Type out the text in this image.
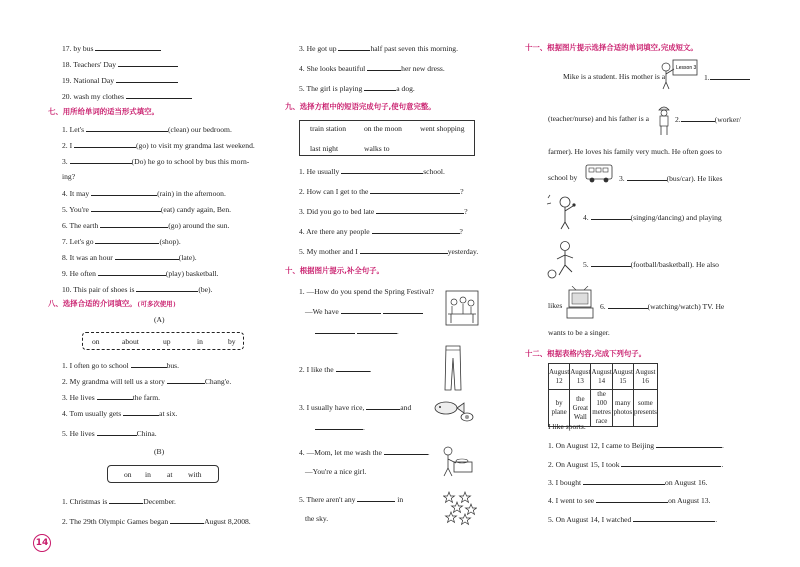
17. by bus
18. Teachers' Day
19. National Day
20. wash my clothes
七、用所给单词的适当形式填空。
1. Let's	(clean) our bedroom.
2. I	(go) to visit my grandma last weekend.
3.	(Do) he go to school by bus this morn-
ing?
4. It may	(rain) in the afternoon.
5. You're	(eat) candy again, Ben.
6. The earth	(go) around the sun.
7. Let's go	(shop).
8. It was an hour	(late).
9. He often	(play) basketball.
10. This pair of shoes is	(be).
八、选择合适的介词填空。(可多次使用)
(A)
on	about	up	in	by
1. I often go to school	bus.
2. My grandma will tell us a story	Chang'e.
3. He lives	the farm.
4. Tom usually gets	at six.
5. He lives	China.
(B)
on in at with
1. Christmas is	December.
2. The 29th Olympic Games began	August 8,2008.
3. He got up	half past seven this morning.
4. She looks beautiful	her new dress.
5. The girl is playing	a dog.
九、选择方框中的短语完成句子,使句意完整。
train station on the moon went shopping
last night	walks to
1. He usually	school.
2. How can I get to the	?
3. Did you go to bed late	?
4. Are there any people	?
5. My mother and I	yesterday.
十、根据图片提示,补全句子。
1. —How do you spend the Spring Festival?
—We have
.
2. I like the	.
3. I usually have rice,	and
.
4. —Mom, let me wash the	.
—You're a nice girl.
5. There aren't any	in
the sky.
十一、根据图片提示选择合适的单词填空,完成短文。
Mike is a student. His mother is a
Lesson 3
1.
(teacher/nurse) and his father is a	2.	(worker/
farmer). He loves his family very much. He often goes to
school by	3.	(bus/car). He likes
4.	(singing/dancing) and playing
5.	(football/basketball). He also
likes	6.	(watching/watch) TV. He
wants to be a singer.
十二、根据表格内容,完成下列句子。
August 12	August 13	August 14	August 15	August 16
by plane	the Great Wall	the 100 metres race	many photos	some presents
I like sports.
1. On August 12, I came to Beijing	.
2. On August 15, I took	.
3. I bought	on August 16.
4. I went to see	on August 13.
5. On August 14, I watched	.
14
